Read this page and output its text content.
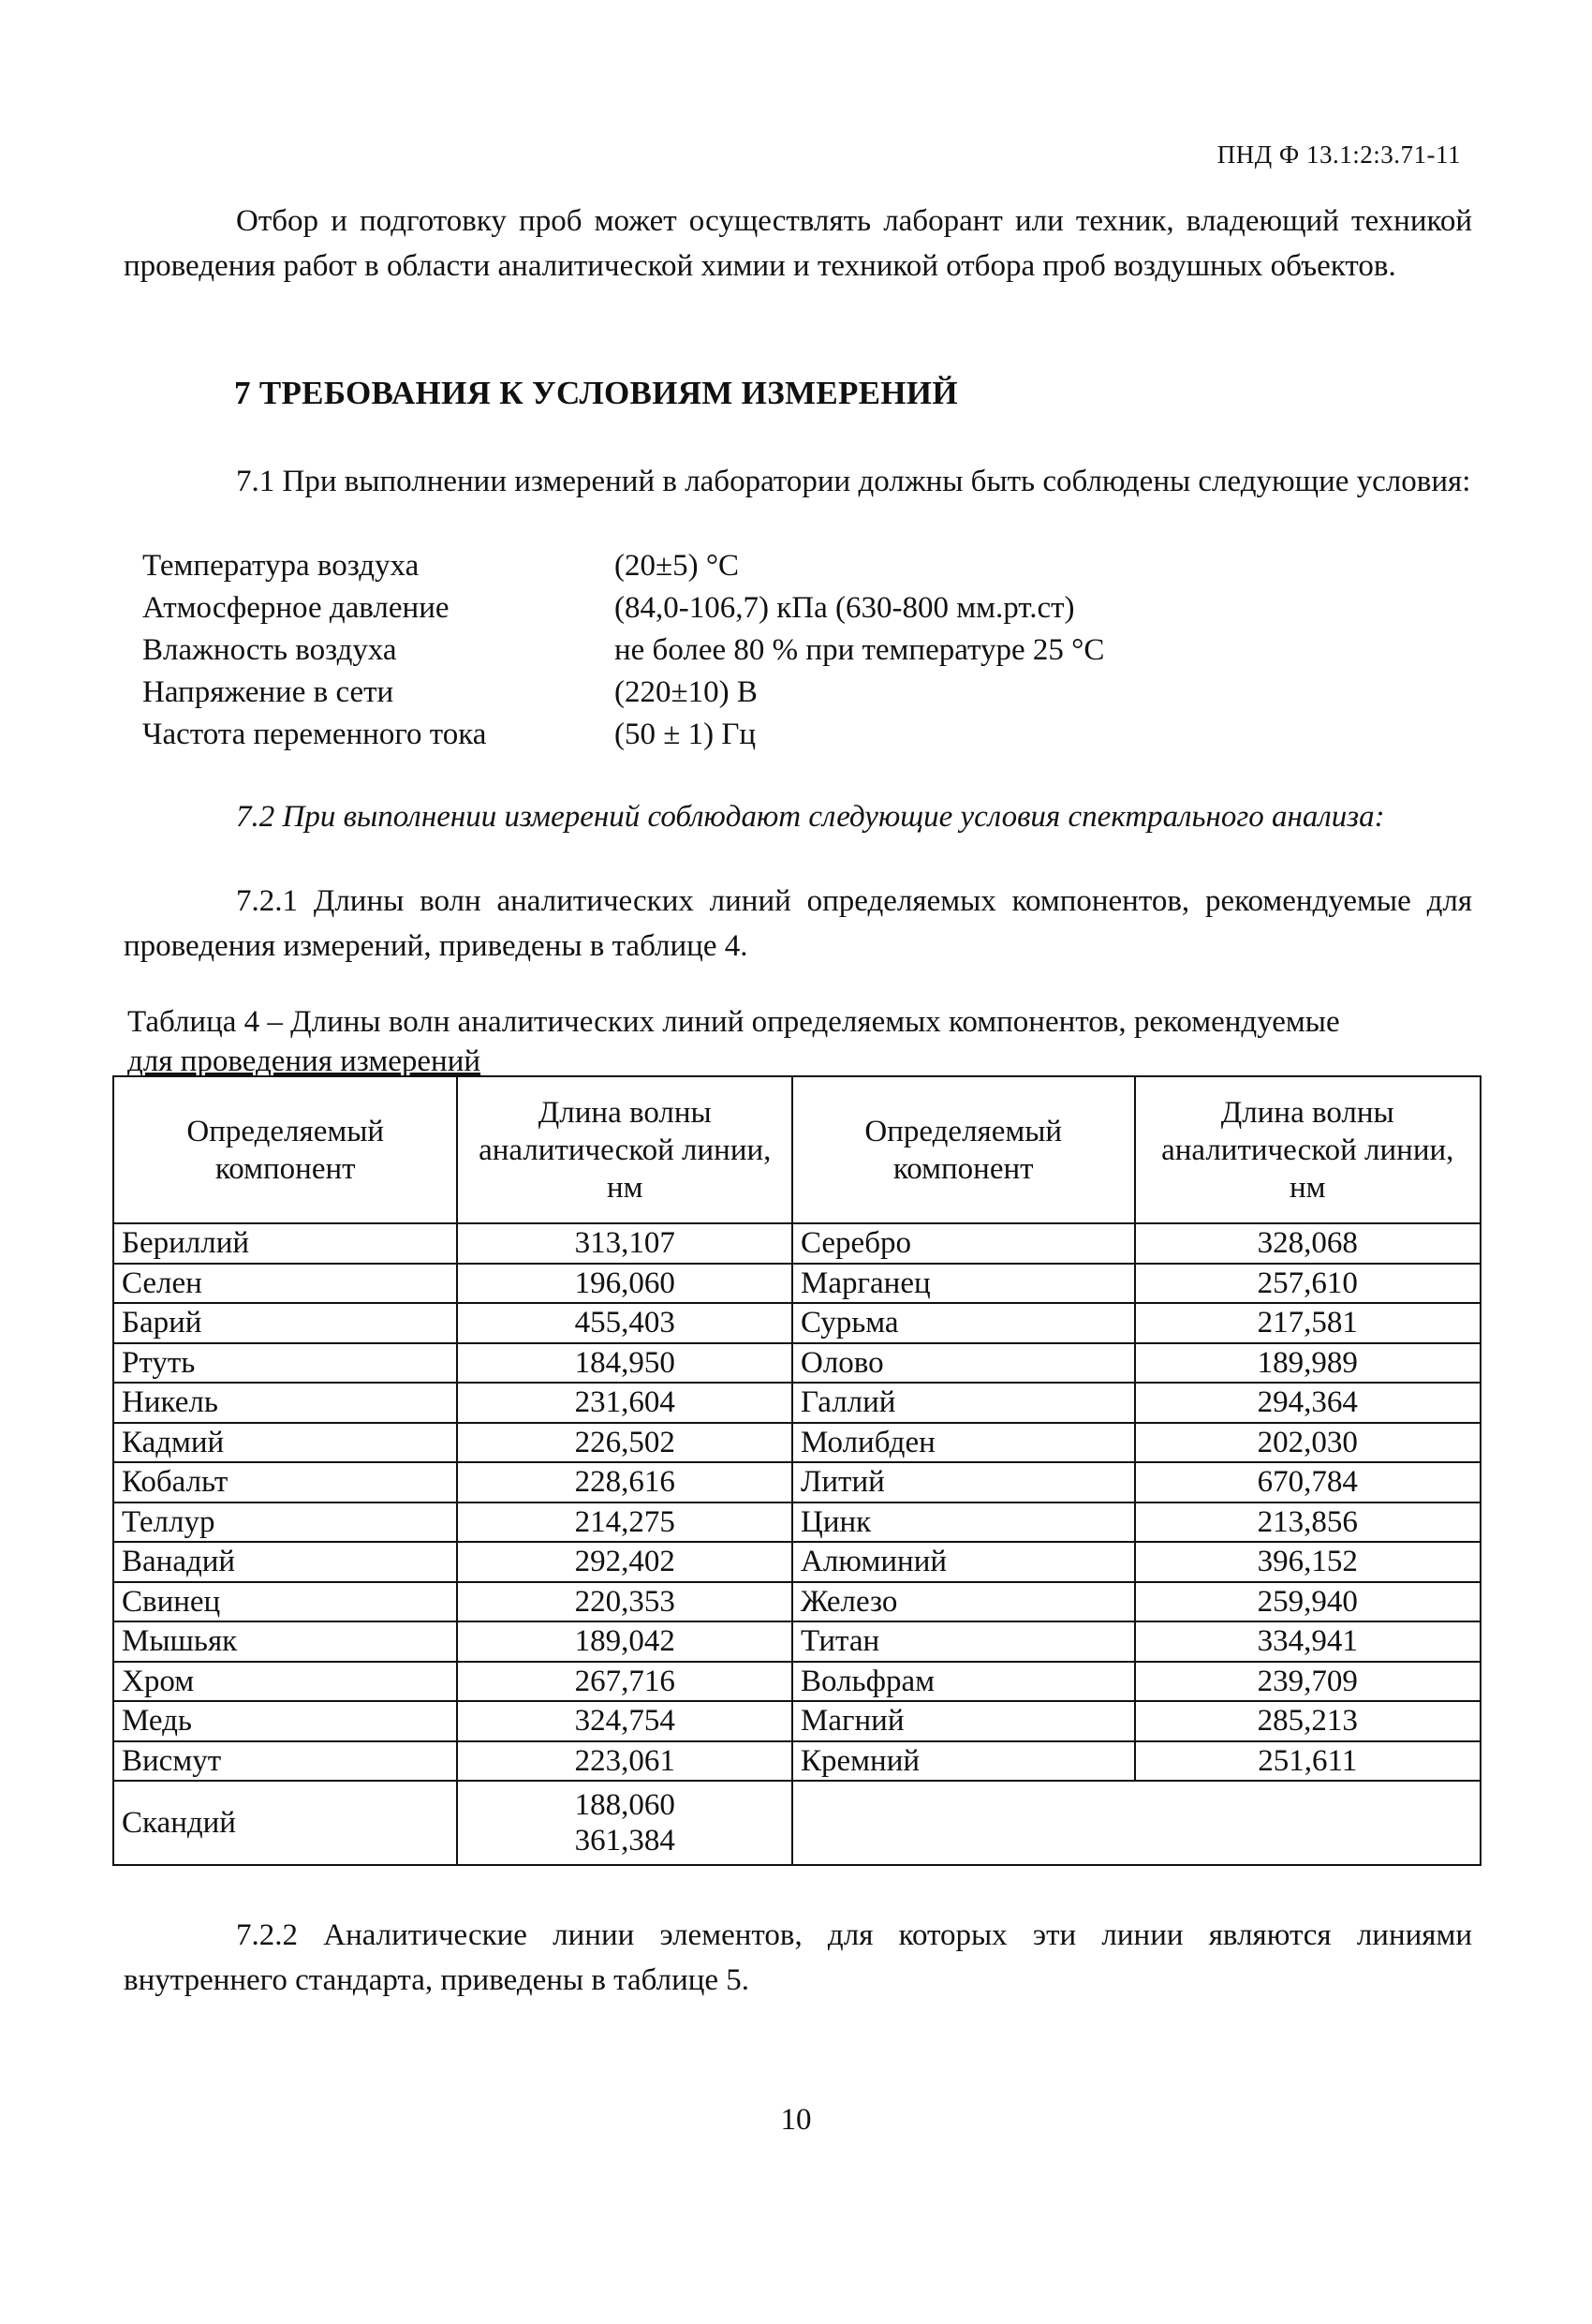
ПНД Ф 13.1:2:3.71-11

Отбор и подготовку проб может осуществлять лаборант или техник, владеющий техникой проведения работ в области аналитической химии и техникой отбора проб воздушных объектов.

7 ТРЕБОВАНИЯ К УСЛОВИЯМ ИЗМЕРЕНИЙ

7.1 При выполнении измерений в лаборатории должны быть соблюдены следующие условия:

Температура воздуха	(20±5) °С
Атмосферное давление	(84,0-106,7) кПа (630-800 мм.рт.ст)
Влажность воздуха	не более 80 % при температуре 25 °С
Напряжение в сети	(220±10) В
Частота переменного тока	(50 ± 1) Гц

7.2 При выполнении измерений соблюдают следующие условия спектрального анализа:

7.2.1 Длины волн аналитических линий определяемых компонентов, рекомендуемые для проведения измерений, приведены в таблице 4.

Таблица 4 – Длины волн аналитических линий определяемых компонентов, рекомендуемые
для проведения измерений
Определяемый компонент	Длина волны аналитической линии, нм	Определяемый компонент	Длина волны аналитической линии, нм
Бериллий	313,107	Серебро	328,068
Селен	196,060	Марганец	257,610
Барий	455,403	Сурьма	217,581
Ртуть	184,950	Олово	189,989
Никель	231,604	Галлий	294,364
Кадмий	226,502	Молибден	202,030
Кобальт	228,616	Литий	670,784
Теллур	214,275	Цинк	213,856
Ванадий	292,402	Алюминий	396,152
Свинец	220,353	Железо	259,940
Мышьяк	189,042	Титан	334,941
Хром	267,716	Вольфрам	239,709
Медь	324,754	Магний	285,213
Висмут	223,061	Кремний	251,611
Скандий	188,060
361,384		

7.2.2 Аналитические линии элементов, для которых эти линии являются линиями внутреннего стандарта, приведены в таблице 5.

10
